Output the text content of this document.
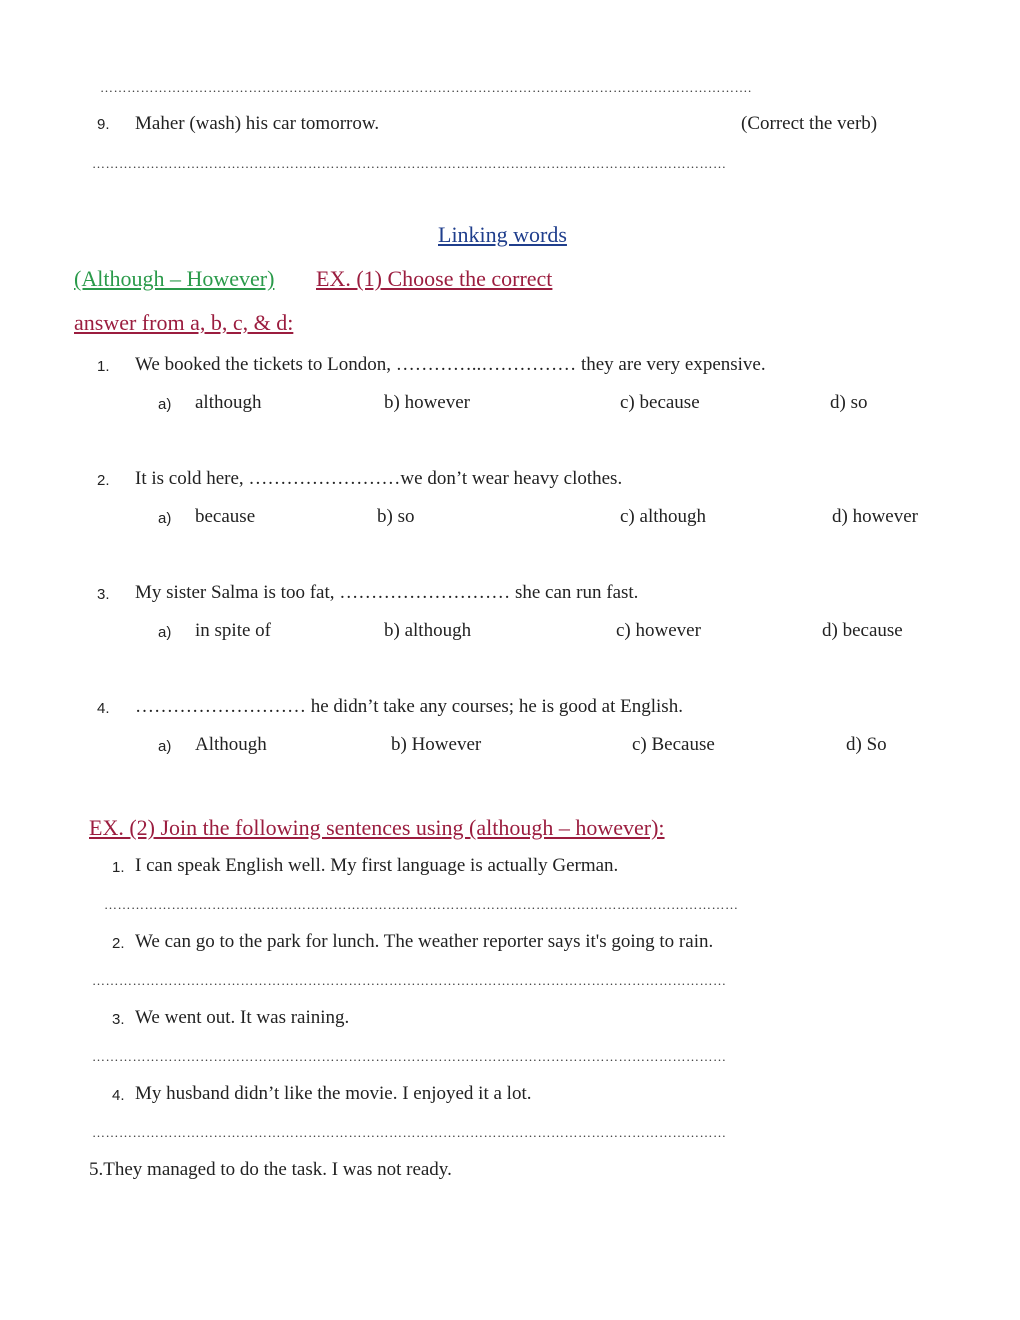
……………………………………………………………………………………………………………………………….
9. Maher (wash) his car tomorrow.	(Correct the verb)
……………………………………………………………………………………………………………………………
Linking words
(Although – However) EX. (1) Choose the correct
answer from a, b, c, & d:
1. We booked the tickets to London, …………..…………… they are very expensive.
a) although	b) however	c) because	d) so
2. It is cold here, ……………………we don’t wear heavy clothes.
a) because	b) so	c) although	d) however
3. My sister Salma is too fat, ……………………… she can run fast.
a) in spite of	b) although	c) however	d) because
4. ……………………… he didn’t take any courses; he is good at English.
a) Although	b) However	c) Because	d) So
EX. (2) Join the following sentences using (although – however):
1. I can speak English well. My first language is actually German.
……………………………………………………………………………………………………………………………
2. We can go to the park for lunch. The weather reporter says it's going to rain.
……………………………………………………………………………………………………………………………
3. We went out. It was raining.
……………………………………………………………………………………………………………………………
4. My husband didn’t like the movie. I enjoyed it a lot.
……………………………………………………………………………………………………………………………
5.They managed to do the task. I was not ready.
